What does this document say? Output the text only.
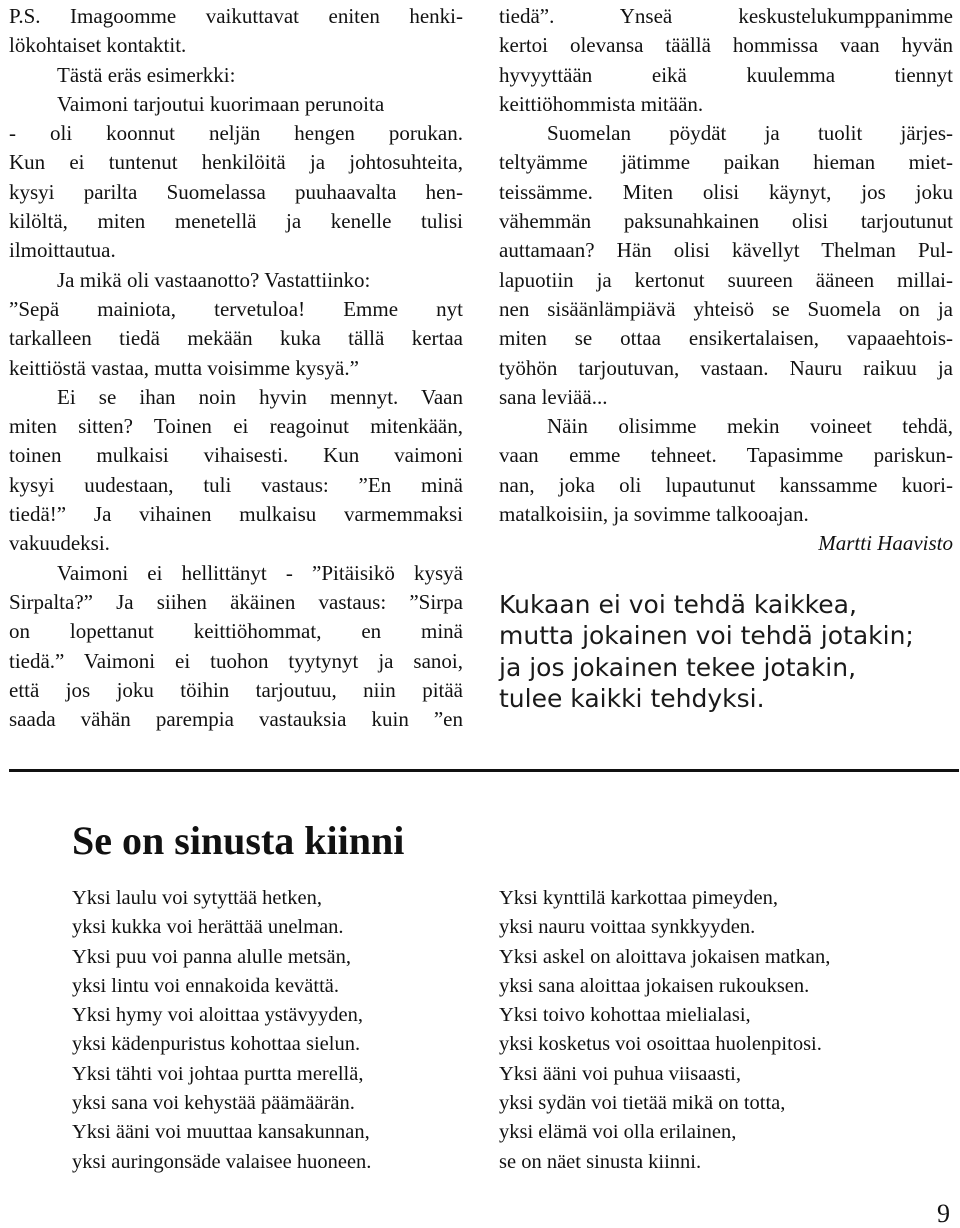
P.S. Imagoomme vaikuttavat eniten henki-
lökohtaiset kontaktit.
Tästä eräs esimerkki:
Vaimoni tarjoutui kuorimaan perunoita
- oli koonnut neljän hengen porukan.
Kun ei tuntenut henkilöitä ja johtosuhteita,
kysyi parilta Suomelassa puuhaavalta hen-
kilöltä, miten menetellä ja kenelle tulisi
ilmoittautua.
Ja mikä oli vastaanotto? Vastattiinko:
”Sepä mainiota, tervetuloa! Emme nyt
tarkalleen tiedä mekään kuka tällä kertaa
keittiöstä vastaa, mutta voisimme kysyä.”
Ei se ihan noin hyvin mennyt. Vaan
miten sitten? Toinen ei reagoinut mitenkään,
toinen mulkaisi vihaisesti. Kun vaimoni
kysyi uudestaan, tuli vastaus: ”En minä
tiedä!” Ja vihainen mulkaisu varmemmaksi
vakuudeksi.
Vaimoni ei hellittänyt - ”Pitäisikö kysyä
Sirpalta?” Ja siihen äkäinen vastaus: ”Sirpa
on lopettanut keittiöhommat, en minä
tiedä.” Vaimoni ei tuohon tyytynyt ja sanoi,
että jos joku töihin tarjoutuu, niin pitää
saada vähän parempia vastauksia kuin ”en
tiedä”. Ynseä keskustelukumppanimme
kertoi olevansa täällä hommissa vaan hyvän
hyvyyttään eikä kuulemma tiennyt
keittiöhommista mitään.
Suomelan pöydät ja tuolit järjes-
teltyämme jätimme paikan hieman miet-
teissämme. Miten olisi käynyt, jos joku
vähemmän paksunahkainen olisi tarjoutunut
auttamaan? Hän olisi kävellyt Thelman Pul-
lapuotiin ja kertonut suureen ääneen millai-
nen sisäänlämpiävä yhteisö se Suomela on ja
miten se ottaa ensikertalaisen, vapaaehtois-
työhön tarjoutuvan, vastaan. Nauru raikuu ja
sana leviää...
Näin olisimme mekin voineet tehdä,
vaan emme tehneet. Tapasimme pariskun-
nan, joka oli lupautunut kanssamme kuori-
matalkoisiin, ja sovimme talkooajan.
Martti Haavisto
Kukaan ei voi tehdä kaikkea,
mutta jokainen voi tehdä jotakin;
ja jos jokainen tekee jotakin,
tulee kaikki tehdyksi.
Se on sinusta kiinni
Yksi laulu voi sytyttää hetken,
yksi kukka voi herättää unelman.
Yksi puu voi panna alulle metsän,
yksi lintu voi ennakoida kevättä.
Yksi hymy voi aloittaa ystävyyden,
yksi kädenpuristus kohottaa sielun.
Yksi tähti voi johtaa purtta merellä,
yksi sana voi kehystää päämäärän.
Yksi ääni voi muuttaa kansakunnan,
yksi auringonsäde valaisee huoneen.
Yksi kynttilä karkottaa pimeyden,
yksi nauru voittaa synkkyyden.
Yksi askel on aloittava jokaisen matkan,
yksi sana aloittaa jokaisen rukouksen.
Yksi toivo kohottaa mielialasi,
yksi kosketus voi osoittaa huolenpitosi.
Yksi ääni voi puhua viisaasti,
yksi sydän voi tietää mikä on totta,
yksi elämä voi olla erilainen,
se on näet sinusta kiinni.
9
